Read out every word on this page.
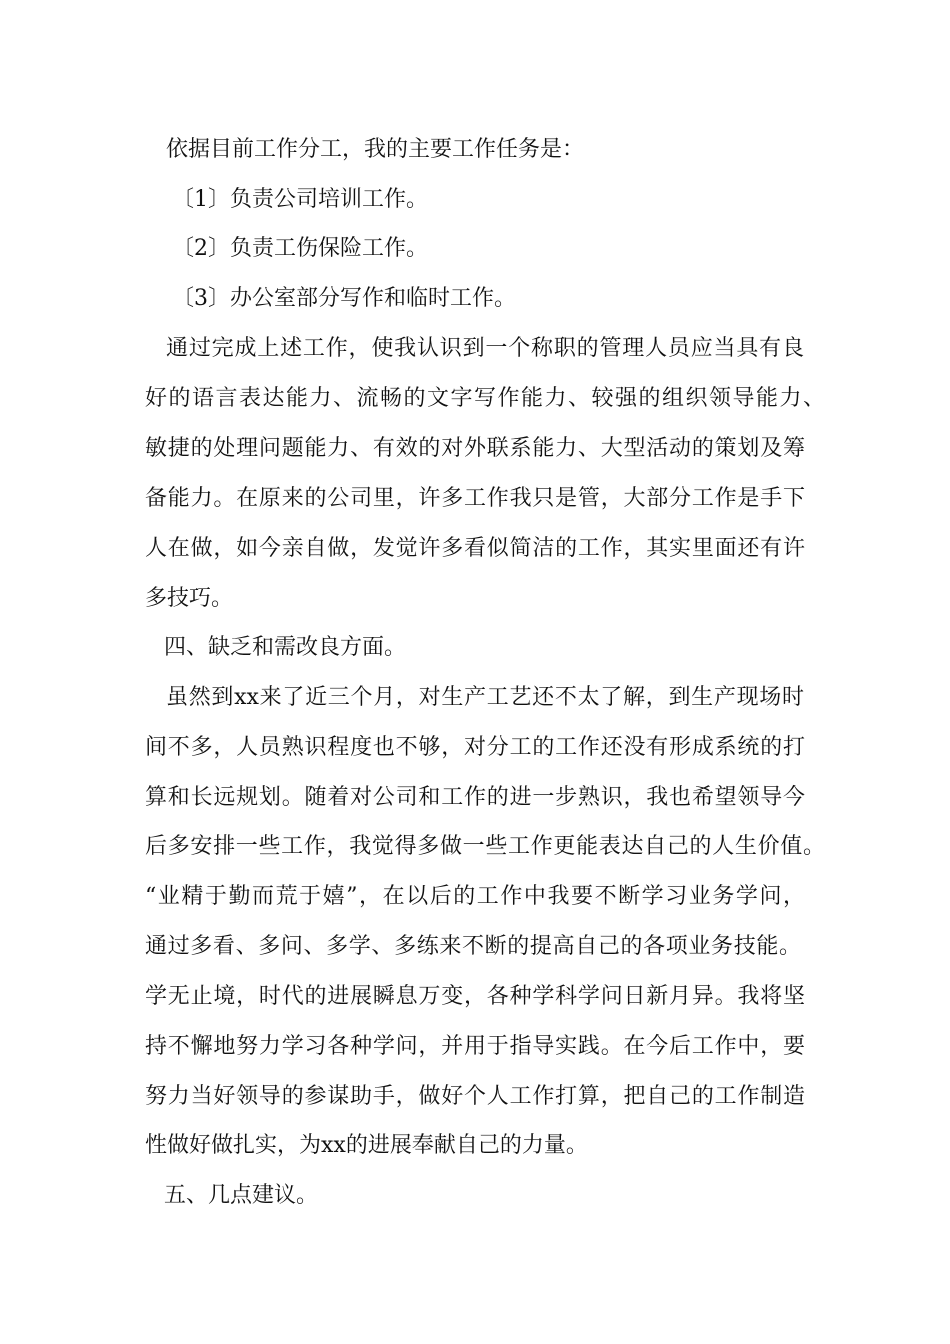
依据目前工作分工，我的主要工作任务是：
〔1〕负责公司培训工作。
〔2〕负责工伤保险工作。
〔3〕办公室部分写作和临时工作。
通过完成上述工作，使我认识到一个称职的管理人员应当具有良
好的语言表达能力、流畅的文字写作能力、较强的组织领导能力、
敏捷的处理问题能力、有效的对外联系能力、大型活动的策划及筹
备能力。在原来的公司里，许多工作我只是管，大部分工作是手下
人在做，如今亲自做，发觉许多看似简洁的工作，其实里面还有许
多技巧。
四、缺乏和需改良方面。
虽然到xx来了近三个月，对生产工艺还不太了解，到生产现场时
间不多，人员熟识程度也不够，对分工的工作还没有形成系统的打
算和长远规划。随着对公司和工作的进一步熟识，我也希望领导今
后多安排一些工作，我觉得多做一些工作更能表达自己的人生价值。
“业精于勤而荒于嬉”，在以后的工作中我要不断学习业务学问，
通过多看、多问、多学、多练来不断的提高自己的各项业务技能。
学无止境，时代的进展瞬息万变，各种学科学问日新月异。我将坚
持不懈地努力学习各种学问，并用于指导实践。在今后工作中，要
努力当好领导的参谋助手，做好个人工作打算，把自己的工作制造
性做好做扎实，为xx的进展奉献自己的力量。
五、几点建议。
